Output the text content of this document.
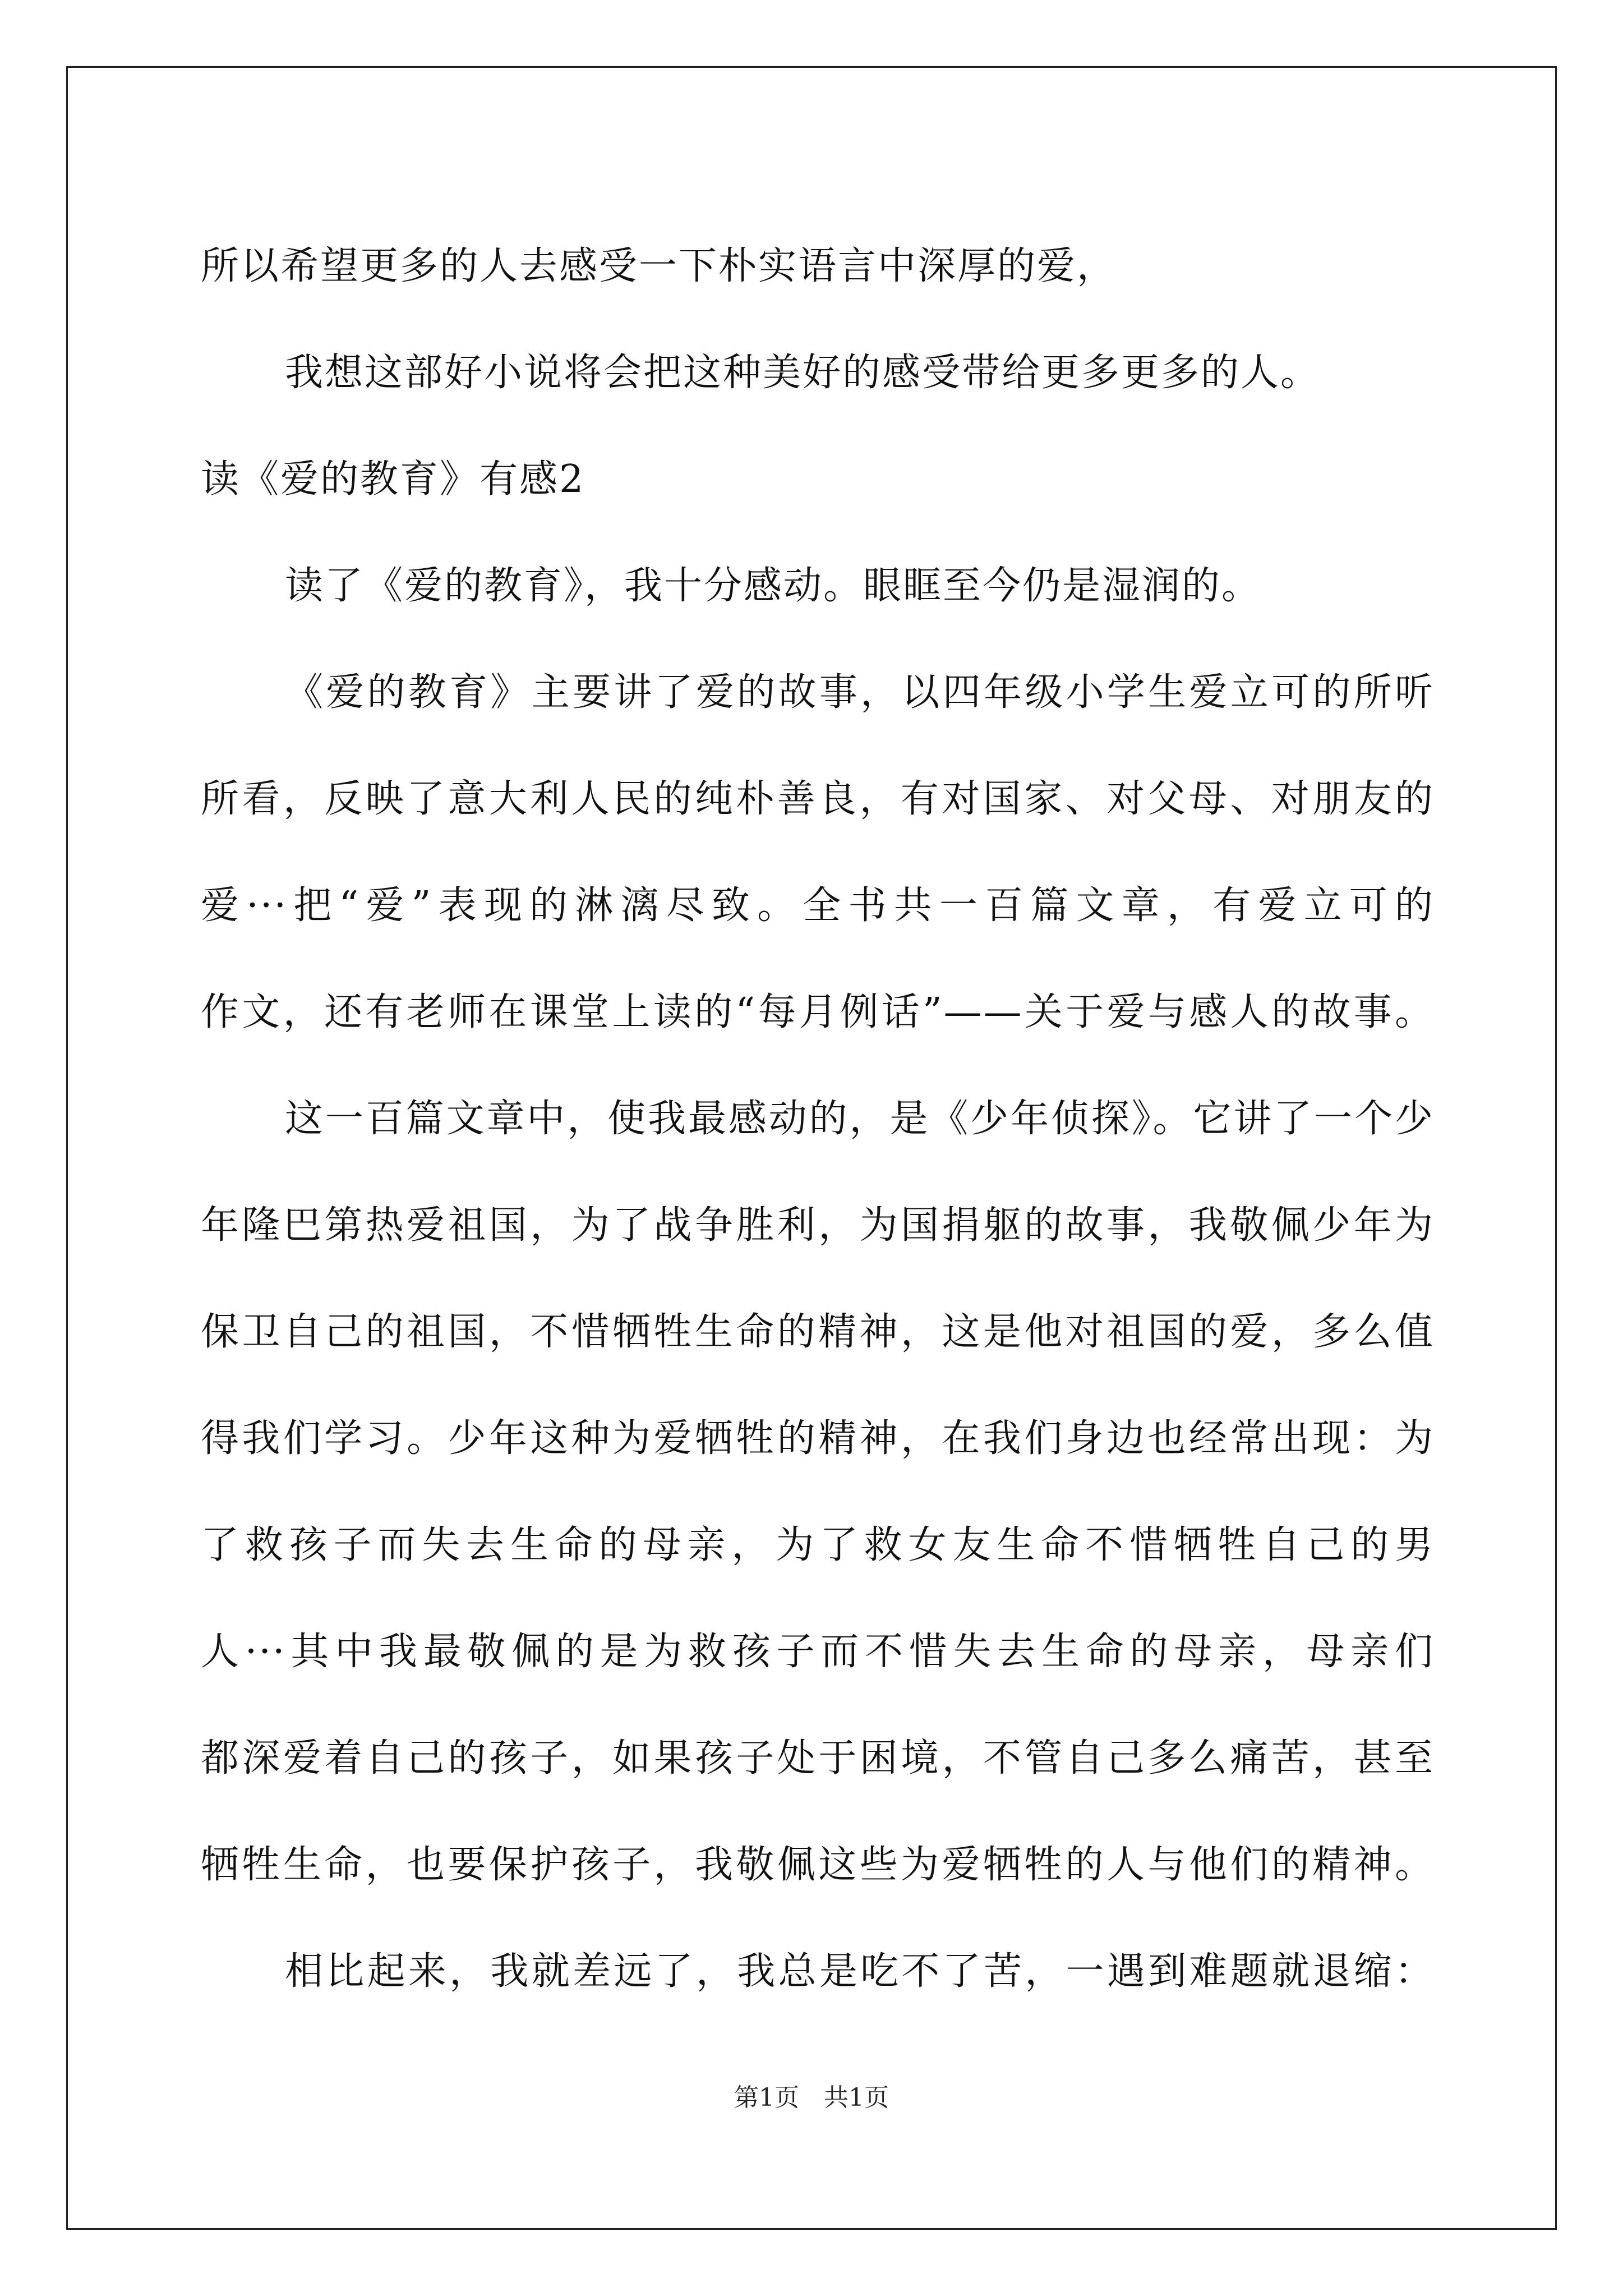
所以希望更多的人去感受一下朴实语言中深厚的爱，
我想这部好小说将会把这种美好的感受带给更多更多的人。
读《爱的教育》有感2
读了《爱的教育》，我十分感动。眼眶至今仍是湿润的。
《爱的教育》主要讲了爱的故事，以四年级小学生爱立可的所听
所看，反映了意大利人民的纯朴善良，有对国家、对父母、对朋友的
爱···把“爱”表现的淋漓尽致。全书共一百篇文章，有爱立可的
作文，还有老师在课堂上读的“每月例话”——关于爱与感人的故事。
这一百篇文章中，使我最感动的，是《少年侦探》。它讲了一个少
年隆巴第热爱祖国，为了战争胜利，为国捐躯的故事，我敬佩少年为
保卫自己的祖国，不惜牺牲生命的精神，这是他对祖国的爱，多么值
得我们学习。少年这种为爱牺牲的精神，在我们身边也经常出现：为
了救孩子而失去生命的母亲，为了救女友生命不惜牺牲自己的男
人···其中我最敬佩的是为救孩子而不惜失去生命的母亲，母亲们
都深爱着自己的孩子，如果孩子处于困境，不管自己多么痛苦，甚至
牺牲生命，也要保护孩子，我敬佩这些为爱牺牲的人与他们的精神。
相比起来，我就差远了，我总是吃不了苦，一遇到难题就退缩：
第1页　共1页
